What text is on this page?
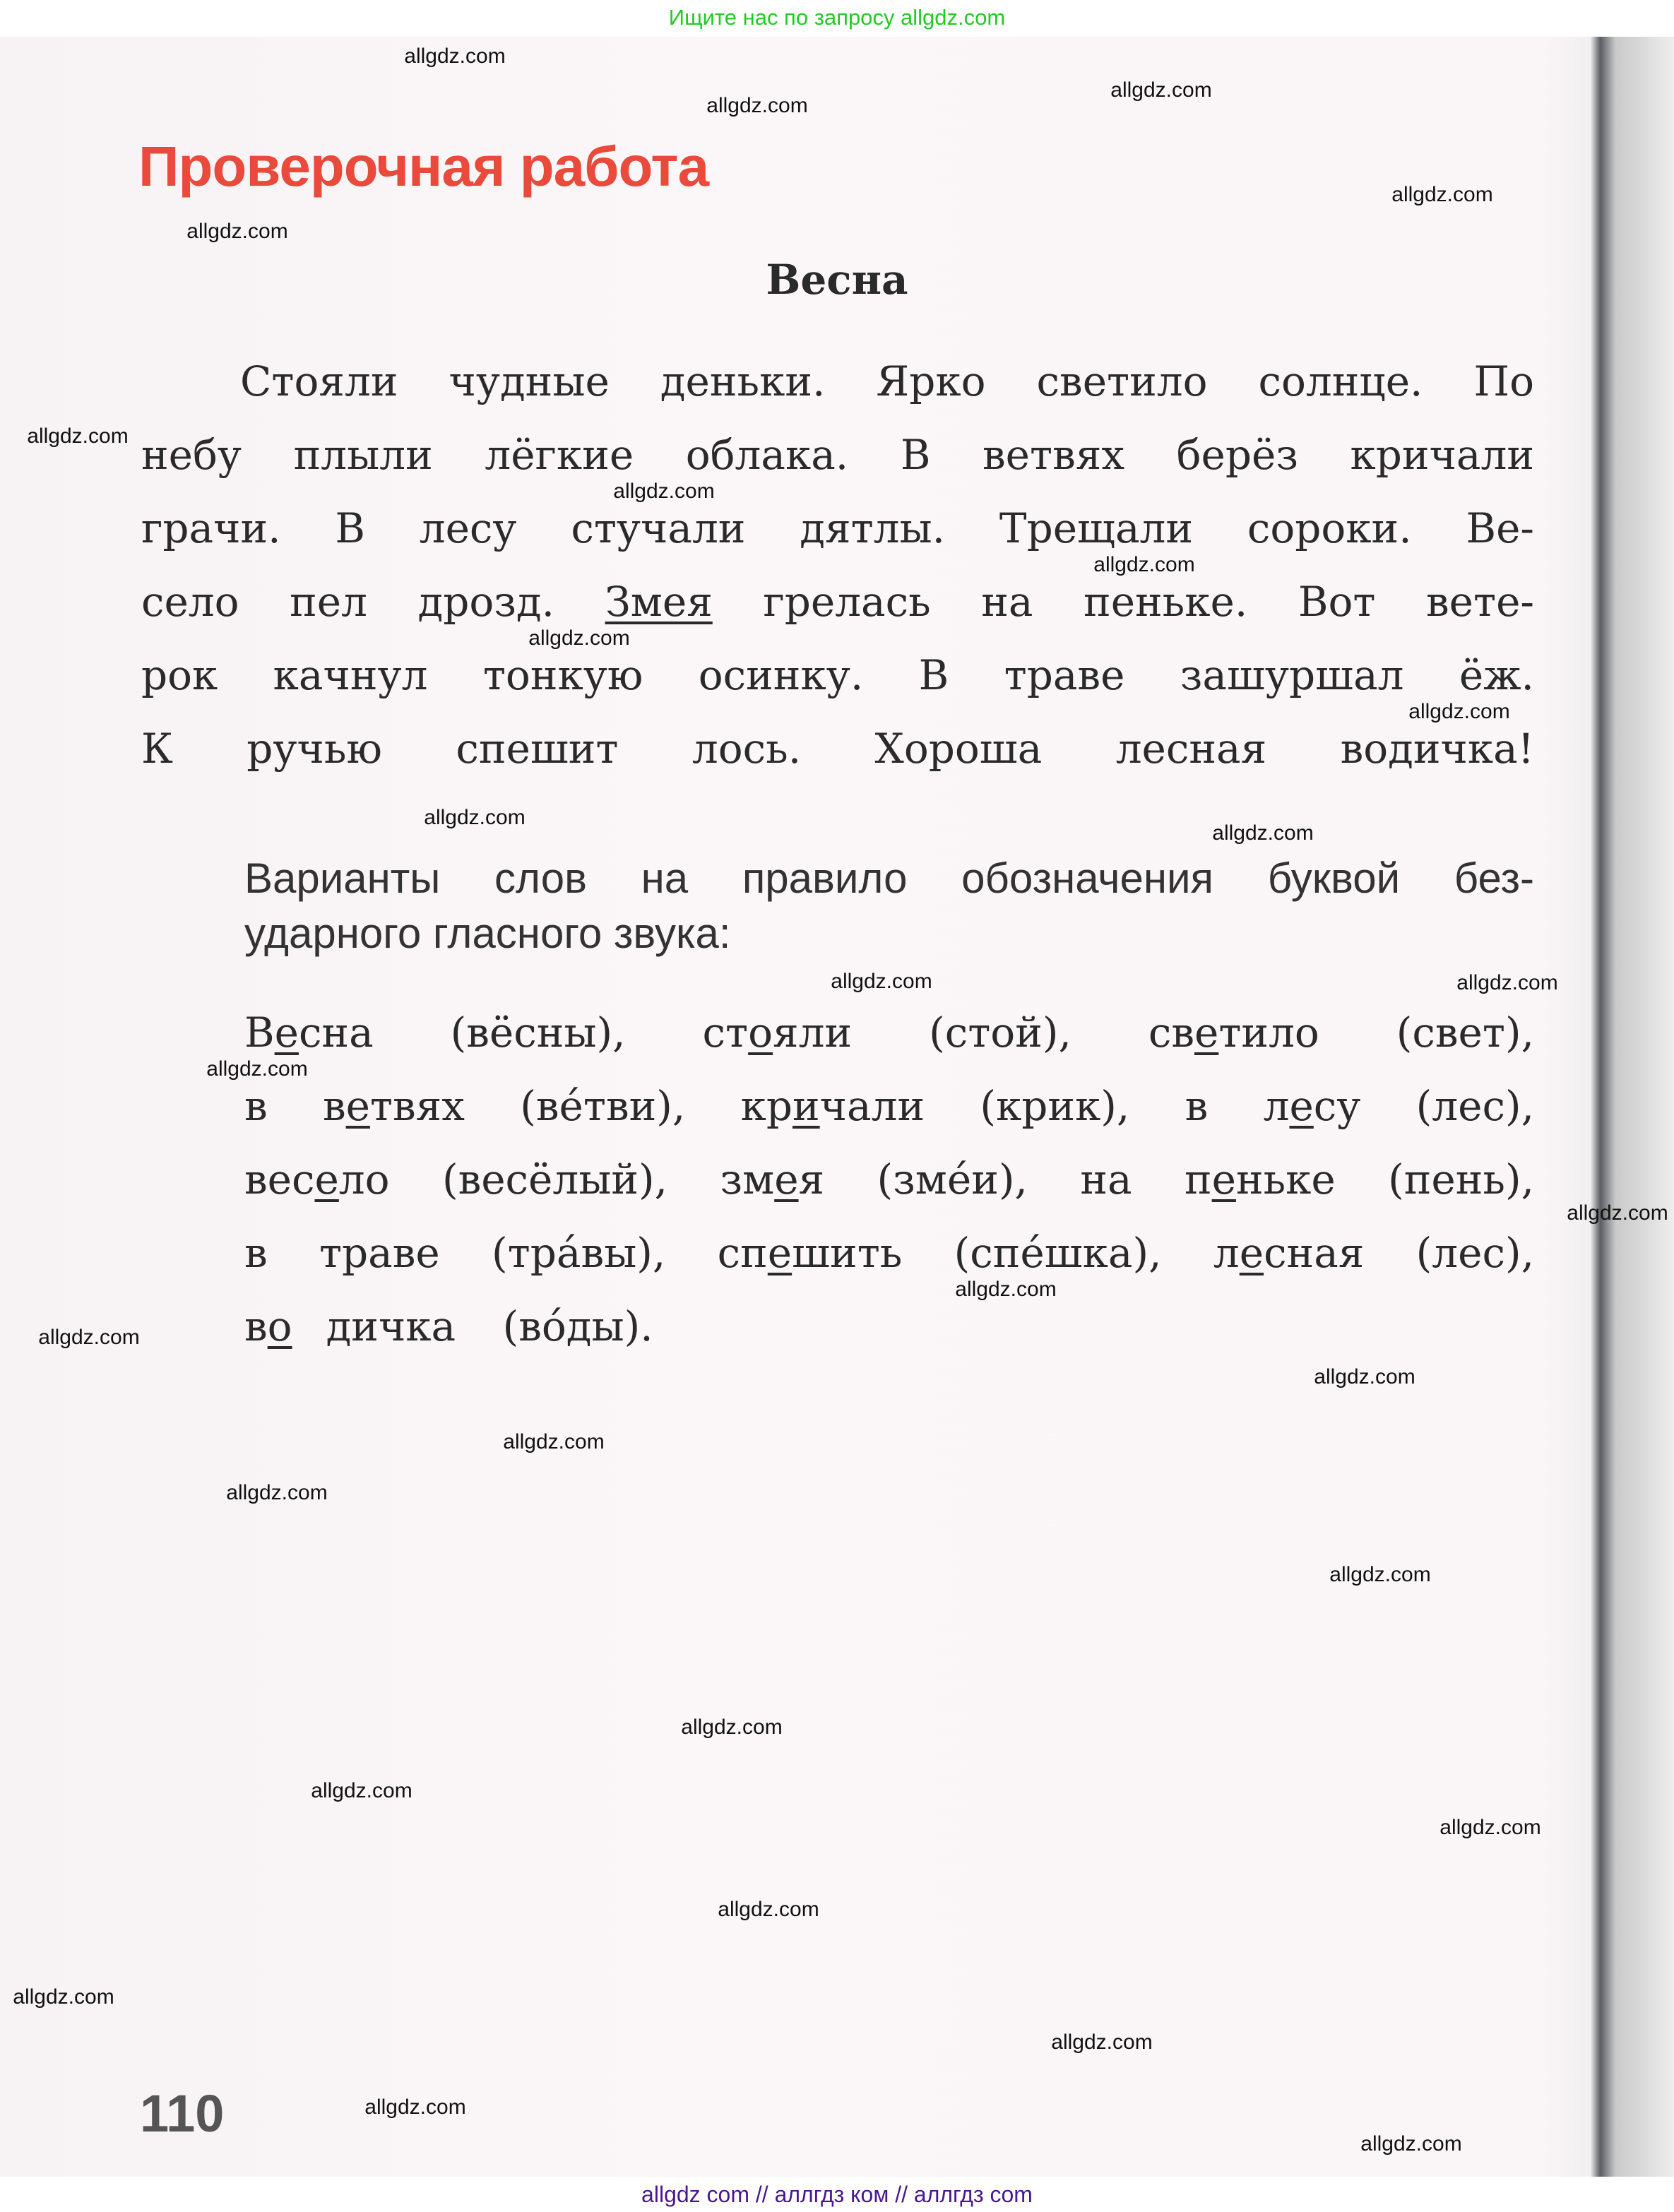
Ищите нас по запросу allgdz.com
Проверочная работа
Весна
Стояли чудные деньки. Ярко светило солнце. По
небу плыли лёгкие облака. В ветвях берёз кричали
грачи. В лесу стучали дятлы. Трещали сороки. Ве-
село пел дрозд. Змея грелась на пеньке. Вот вете-
рок качнул тонкую осинку. В траве зашуршал ёж.
К ручью спешит лось. Хороша лесная водичка!
Варианты слов на правило обозначения буквой без-
ударного гласного звука:
Весна (вёсны), стояли (стой), светило (свет),
в ветвях (ве́тви), кричали (крик), в лесу (лес),
весело (весёлый), змея (зме́и), на пеньке (пень),
в траве (тра́вы), спешить (спе́шка), лесная (лес),
во дичка (во́ды).
110
allgdz com // аллгдз ком // аллгдз com
allgdz.com
allgdz.com
allgdz.com
allgdz.com
allgdz.com
allgdz.com
allgdz.com
allgdz.com
allgdz.com
allgdz.com
allgdz.com
allgdz.com
allgdz.com
allgdz.com
allgdz.com
allgdz.com
allgdz.com
allgdz.com
allgdz.com
allgdz.com
allgdz.com
allgdz.com
allgdz.com
allgdz.com
allgdz.com
allgdz.com
allgdz.com
allgdz.com
allgdz.com
allgdz.com
